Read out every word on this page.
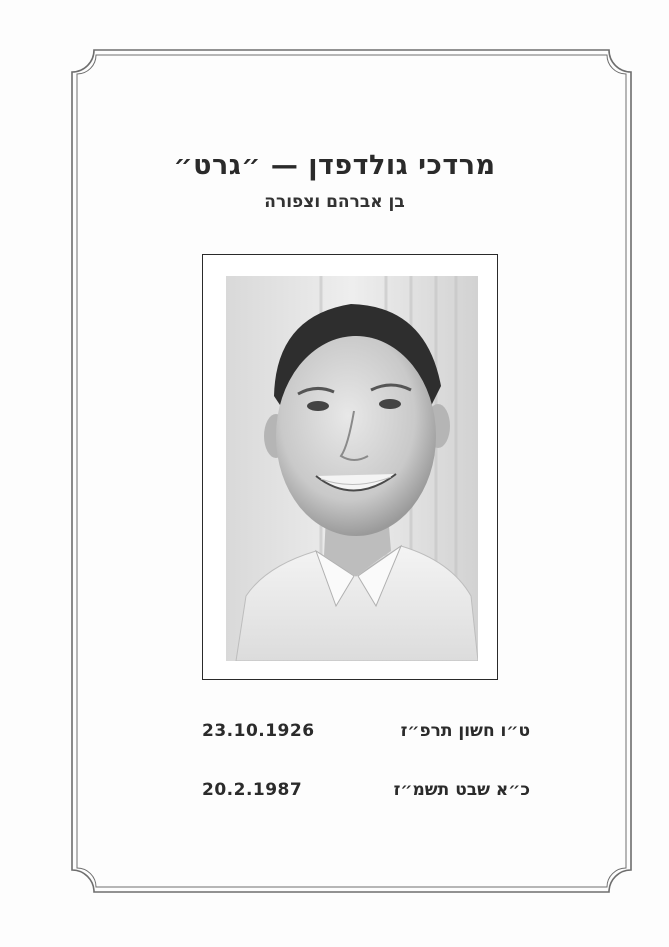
מרדכי גולדפדן — ״גרט״
בן אברהם וצפורה
23.10.1926	ט״ו חשון תרפ״ז
20.2.1987	כ״א שבט תשמ״ז
